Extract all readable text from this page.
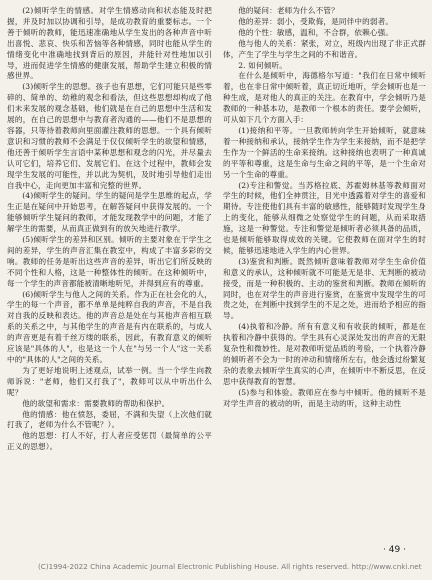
(2)倾听学生的情感。对学生情感动向和状态能及时把握，并及时加以协调和引导，是成功教育的重要标志。一个善于倾听的教师，能迅速准确地从学生发出的各种声音中听出喜悦、悲哀、快乐和苦恼等各种情感，同时也能从学生的情绪变化中准确地找到背后的原因，并能针对性地加以引导，进而促进学生情感的健康发展，帮助学生建立积极的情感世界。

(3)倾听学生的思想。孩子也有思想，它们可能只是些零碎的、简单的、幼稚的观念和看法，但这些思想却构成了他们未来发展的观念基础，他们就是在自己的思想中生活和发展的，在自己的思想中与教育者沟通的——他们不是思想的容器，只等待着教师向里面灌注教师的思想。一个具有倾听意识和习惯的教师不会满足于仅仅倾听学生的欲望和情感，他还善于倾听学生言语中某种思想和观念的闪光，并尽量去认可它们，培养它们、发展它们。在这个过程中，教师会发现学生发展的可能性，并以此为契机，及时地引导他们走出自我中心，走向更加丰富和完整的世界。

(4)倾听学生的疑问。学生的疑问是学生思维的起点，学生正是在疑问中开始思考，在解答疑问中获得发展的。一个能够倾听学生疑问的教师，才能发现教学中的问题，才能了解学生的需要，从而真正做到有的放矢地进行教学。

(5)倾听学生的差异和区别。倾听的主要对象在于学生之间的差异，学生的声音汇集在教室中，构成了丰富多彩的交响。教师的任务是听出这些声音的差异，听出它们所反映的不同个性和人格，这是一种整体性的倾听。在这种倾听中，每一个学生的声音都能被清晰地听见，并得到应有的尊重。

(6)倾听学生与他人之间的关系。作为正在社会化的人，学生的每一个声音，都不单单是纯粹自我的声音，不是自我对自我的反映和表达。他的声音总是处在与其他声音相互联系的关系之中，与其他学生的声音是有内在联系的，与成人的声音更是有着千丝万缕的联系，因此，有教育意义的倾听应该是"具体的人"，也是这一个人在"与另一个人"这一关系中的"具体的人"之间的关系。

为了更好地说明上述观点，试举一例。当一个学生向教师诉说："老师，他们又打我了"，教师可以从中听出什么呢？

他的欲望和需求：需要教师的帮助和保护。

他的情感：他在愤怒，委屈，不满和失望（上次他们就打我了，老师为什么不管呢？）。

他的思想：打人不好，打人者应受惩罚（最简单的公平正义的思想）。

他的疑问：老师为什么不管？

他的差异：弱小，受欺侮，是同伴中的弱者。

他的个性：敏感，温和，不合群，依赖心强。

他与他人的关系：紧张，对立，班级内出现了非正式群体，产生了学生与学生之间的不和谐音。

2. 如何倾听。

在什么是倾听中，海德格尔写道："我们在日常中倾听着，也在非日常中倾听着，真正切近地听，学会倾听也是一种生成，是对他人的真正的关注。在教育中，学会倾听乃是教师的一种基本功，是教师一个根本的责任。要学会倾听，可从如下几个方面入手：

(1)接纳和平等。一旦教师转向学生开始倾听，就意味着一种接纳和承认，接纳学生作为学生来接纳，而不是把学生作为一个鲜活的生命来接纳。这种接纳也表明了一种真诚的平等和尊重，这是生命与生命之间的平等，是一个生命对另一个生命的尊重。

(2)专注和警觉。当苏格拉底、苏霍姆林基等教师面对学生的时候，他们全神贯注，目光中透露着对学生的喜爱和期待。专注使他们具有丰富的敏感性，能够随时发现学生身上的变化，能够从细微之处察觉学生的问题，从而采取措施，这是一种警觉。专注和警觉是倾听者必须具备的品质，也是倾听能够取得成效的关键。它使教师在面对学生的时候，能够迅速地进入学生的内心世界。

(3)鉴赏和判断。既然倾听意味着教师对学生生命价值和意义的承认，这种倾听就不可能是无是非、无判断的被动接受，而是一种积极的、主动的鉴赏和判断。教师在倾听的同时，也在对学生的声音进行鉴赏，在鉴赏中发现学生的可贵之处，在判断中找到学生的不足之处，进而给予相应的指导。

(4)执着和冷静。所有有意义和有收获的倾听，都是在执着和冷静中获得的。学生具有心灵深处发出的声音的无限复杂性和微妙性。是对教师听觉品质的考验，一个执着冷静的倾听者不会为一时的冲动和情绪所左右，他会透过纷繁复杂的表象去倾听学生真实的心声，在倾听中不断反思，在反思中获得教育的智慧。

(5)参与和体验。教师应在参与中倾听。他的倾听不是对学生声音的被动的听，而是主动的听，这种主动性

· 49 ·
(C)1994-2022 China Academic Journal Electronic Publishing House. All rights reserved. http://www.cnki.net
